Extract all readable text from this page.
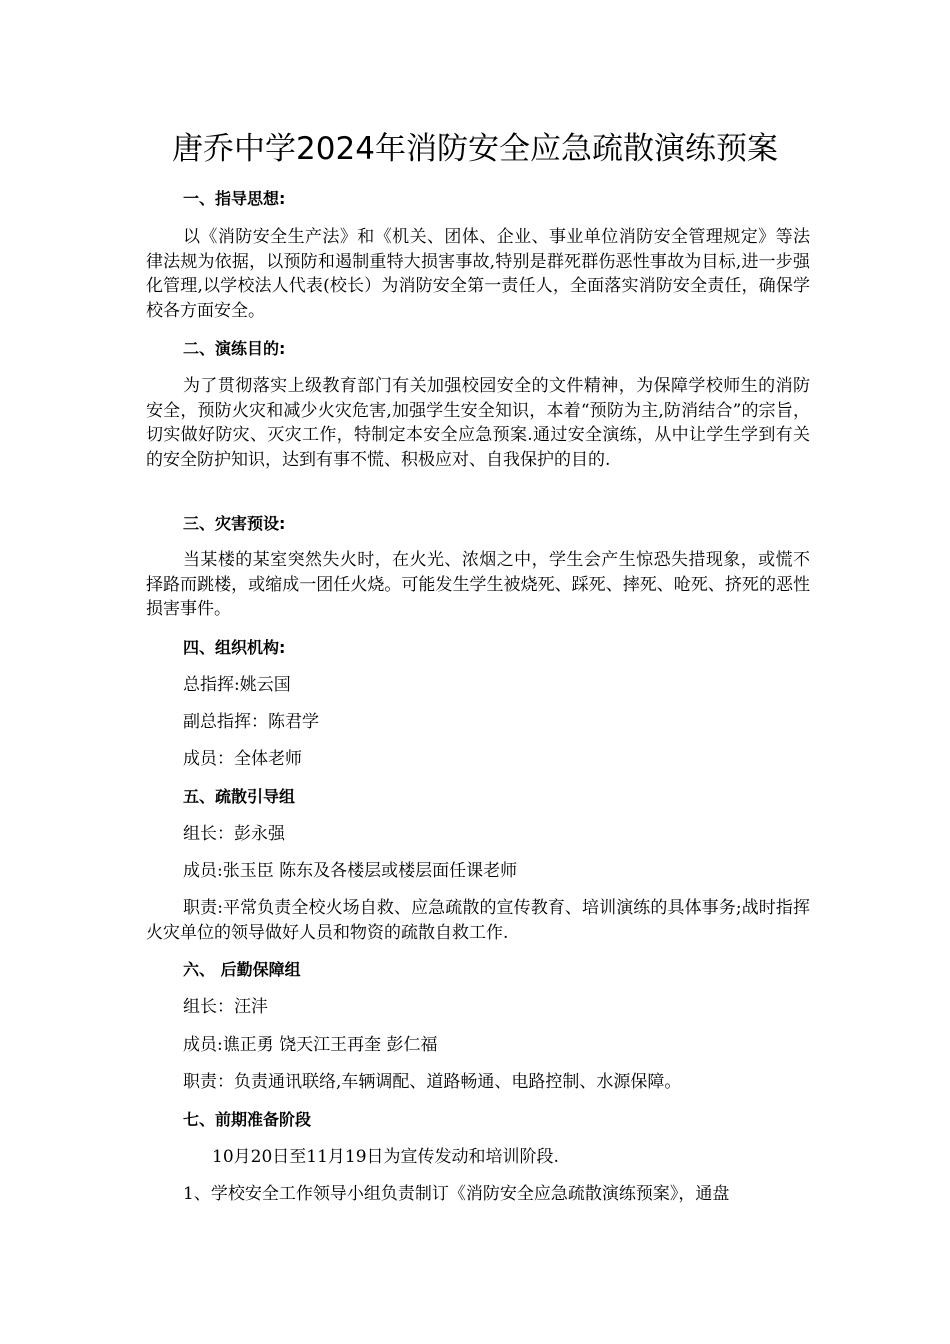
唐乔中学2024年消防安全应急疏散演练预案

一、指导思想:

以《消防安全生产法》和《机关、团体、企业、事业单位消防安全管理规定》等法律法规为依据，以预防和遏制重特大损害事故,特别是群死群伤恶性事故为目标,进一步强化管理,以学校法人代表(校长）为消防安全第一责任人，全面落实消防安全责任，确保学校各方面安全。

二、演练目的:

为了贯彻落实上级教育部门有关加强校园安全的文件精神，为保障学校师生的消防安全，预防火灾和减少火灾危害,加强学生安全知识，本着“预防为主,防消结合”的宗旨，切实做好防灾、灭灾工作，特制定本安全应急预案.通过安全演练，从中让学生学到有关的安全防护知识，达到有事不慌、积极应对、自我保护的目的.

三、灾害预设:

当某楼的某室突然失火时，在火光、浓烟之中，学生会产生惊恐失措现象，或慌不择路而跳楼，或缩成一团任火烧。可能发生学生被烧死、踩死、摔死、呛死、挤死的恶性损害事件。

四、组织机构:

总指挥:姚云国

副总指挥：陈君学

成员：全体老师

五、疏散引导组

组长：彭永强

成员:张玉臣 陈东及各楼层或楼层面任课老师

职责:平常负责全校火场自救、应急疏散的宣传教育、培训演练的具体事务;战时指挥火灾单位的领导做好人员和物资的疏散自救工作.

六、 后勤保障组

组长：汪沣

成员:谯正勇 饶天江王再奎 彭仁福

职责：负责通讯联络,车辆调配、道路畅通、电路控制、水源保障。

七、前期准备阶段

10月20日至11月19日为宣传发动和培训阶段.

1、学校安全工作领导小组负责制订《消防安全应急疏散演练预案》，通盘
